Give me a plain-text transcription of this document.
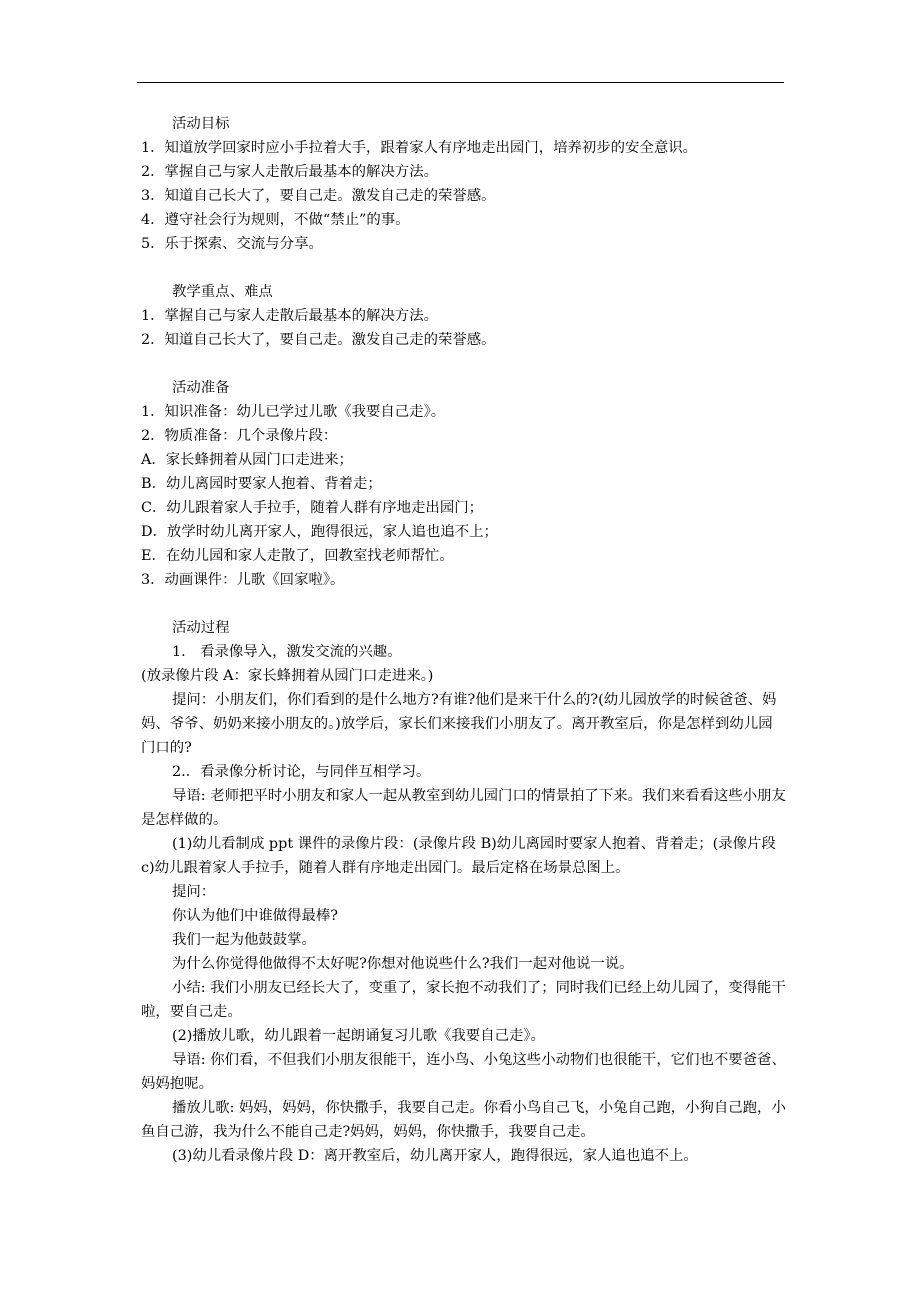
活动目标
1．知道放学回家时应小手拉着大手，跟着家人有序地走出园门，培养初步的安全意识。
2．掌握自己与家人走散后最基本的解决方法。
3．知道自己长大了，要自己走。激发自己走的荣誉感。
4．遵守社会行为规则，不做“禁止”的事。
5．乐于探索、交流与分享。
教学重点、难点
1．掌握自己与家人走散后最基本的解决方法。
2．知道自己长大了，要自己走。激发自己走的荣誉感。
活动准备
1．知识准备：幼儿已学过儿歌《我要自己走》。
2．物质准备：几个录像片段：
A．家长蜂拥着从园门口走进来；
B．幼儿离园时要家人抱着、背着走；
C．幼儿跟着家人手拉手，随着人群有序地走出园门；
D．放学时幼儿离开家人，跑得很远，家人追也追不上；
E．在幼儿园和家人走散了，回教室找老师帮忙。
3．动画课件：儿歌《回家啦》。
活动过程
1.　看录像导入，激发交流的兴趣。
(放录像片段 A：家长蜂拥着从园门口走进来。)
提问：小朋友们，你们看到的是什么地方?有谁?他们是来干什么的?(幼儿园放学的时候爸爸、妈妈、爷爷、奶奶来接小朋友的。)放学后，家长们来接我们小朋友了。离开教室后，你是怎样到幼儿园门口的?
2.．看录像分析讨论，与同伴互相学习。
导语: 老师把平时小朋友和家人一起从教室到幼儿园门口的情景拍了下来。我们来看看这些小朋友是怎样做的。
(1)幼儿看制成 ppt 课件的录像片段：(录像片段 B)幼儿离园时要家人抱着、背着走；(录像片段 c)幼儿跟着家人手拉手，随着人群有序地走出园门。最后定格在场景总图上。
提问：
你认为他们中谁做得最棒?
我们一起为他鼓鼓掌。
为什么你觉得他做得不太好呢?你想对他说些什么?我们一起对他说一说。
小结: 我们小朋友已经长大了，变重了，家长抱不动我们了；同时我们已经上幼儿园了，变得能干啦，要自己走。
(2)播放儿歌，幼儿跟着一起朗诵复习儿歌《我要自己走》。
导语: 你们看，不但我们小朋友很能干，连小鸟、小兔这些小动物们也很能干，它们也不要爸爸、妈妈抱呢。
播放儿歌: 妈妈，妈妈，你快撒手，我要自己走。你看小鸟自己飞，小兔自己跑，小狗自己跑，小鱼自己游，我为什么不能自己走?妈妈，妈妈，你快撒手，我要自己走。
(3)幼儿看录像片段 D：离开教室后，幼儿离开家人，跑得很远，家人追也追不上。
